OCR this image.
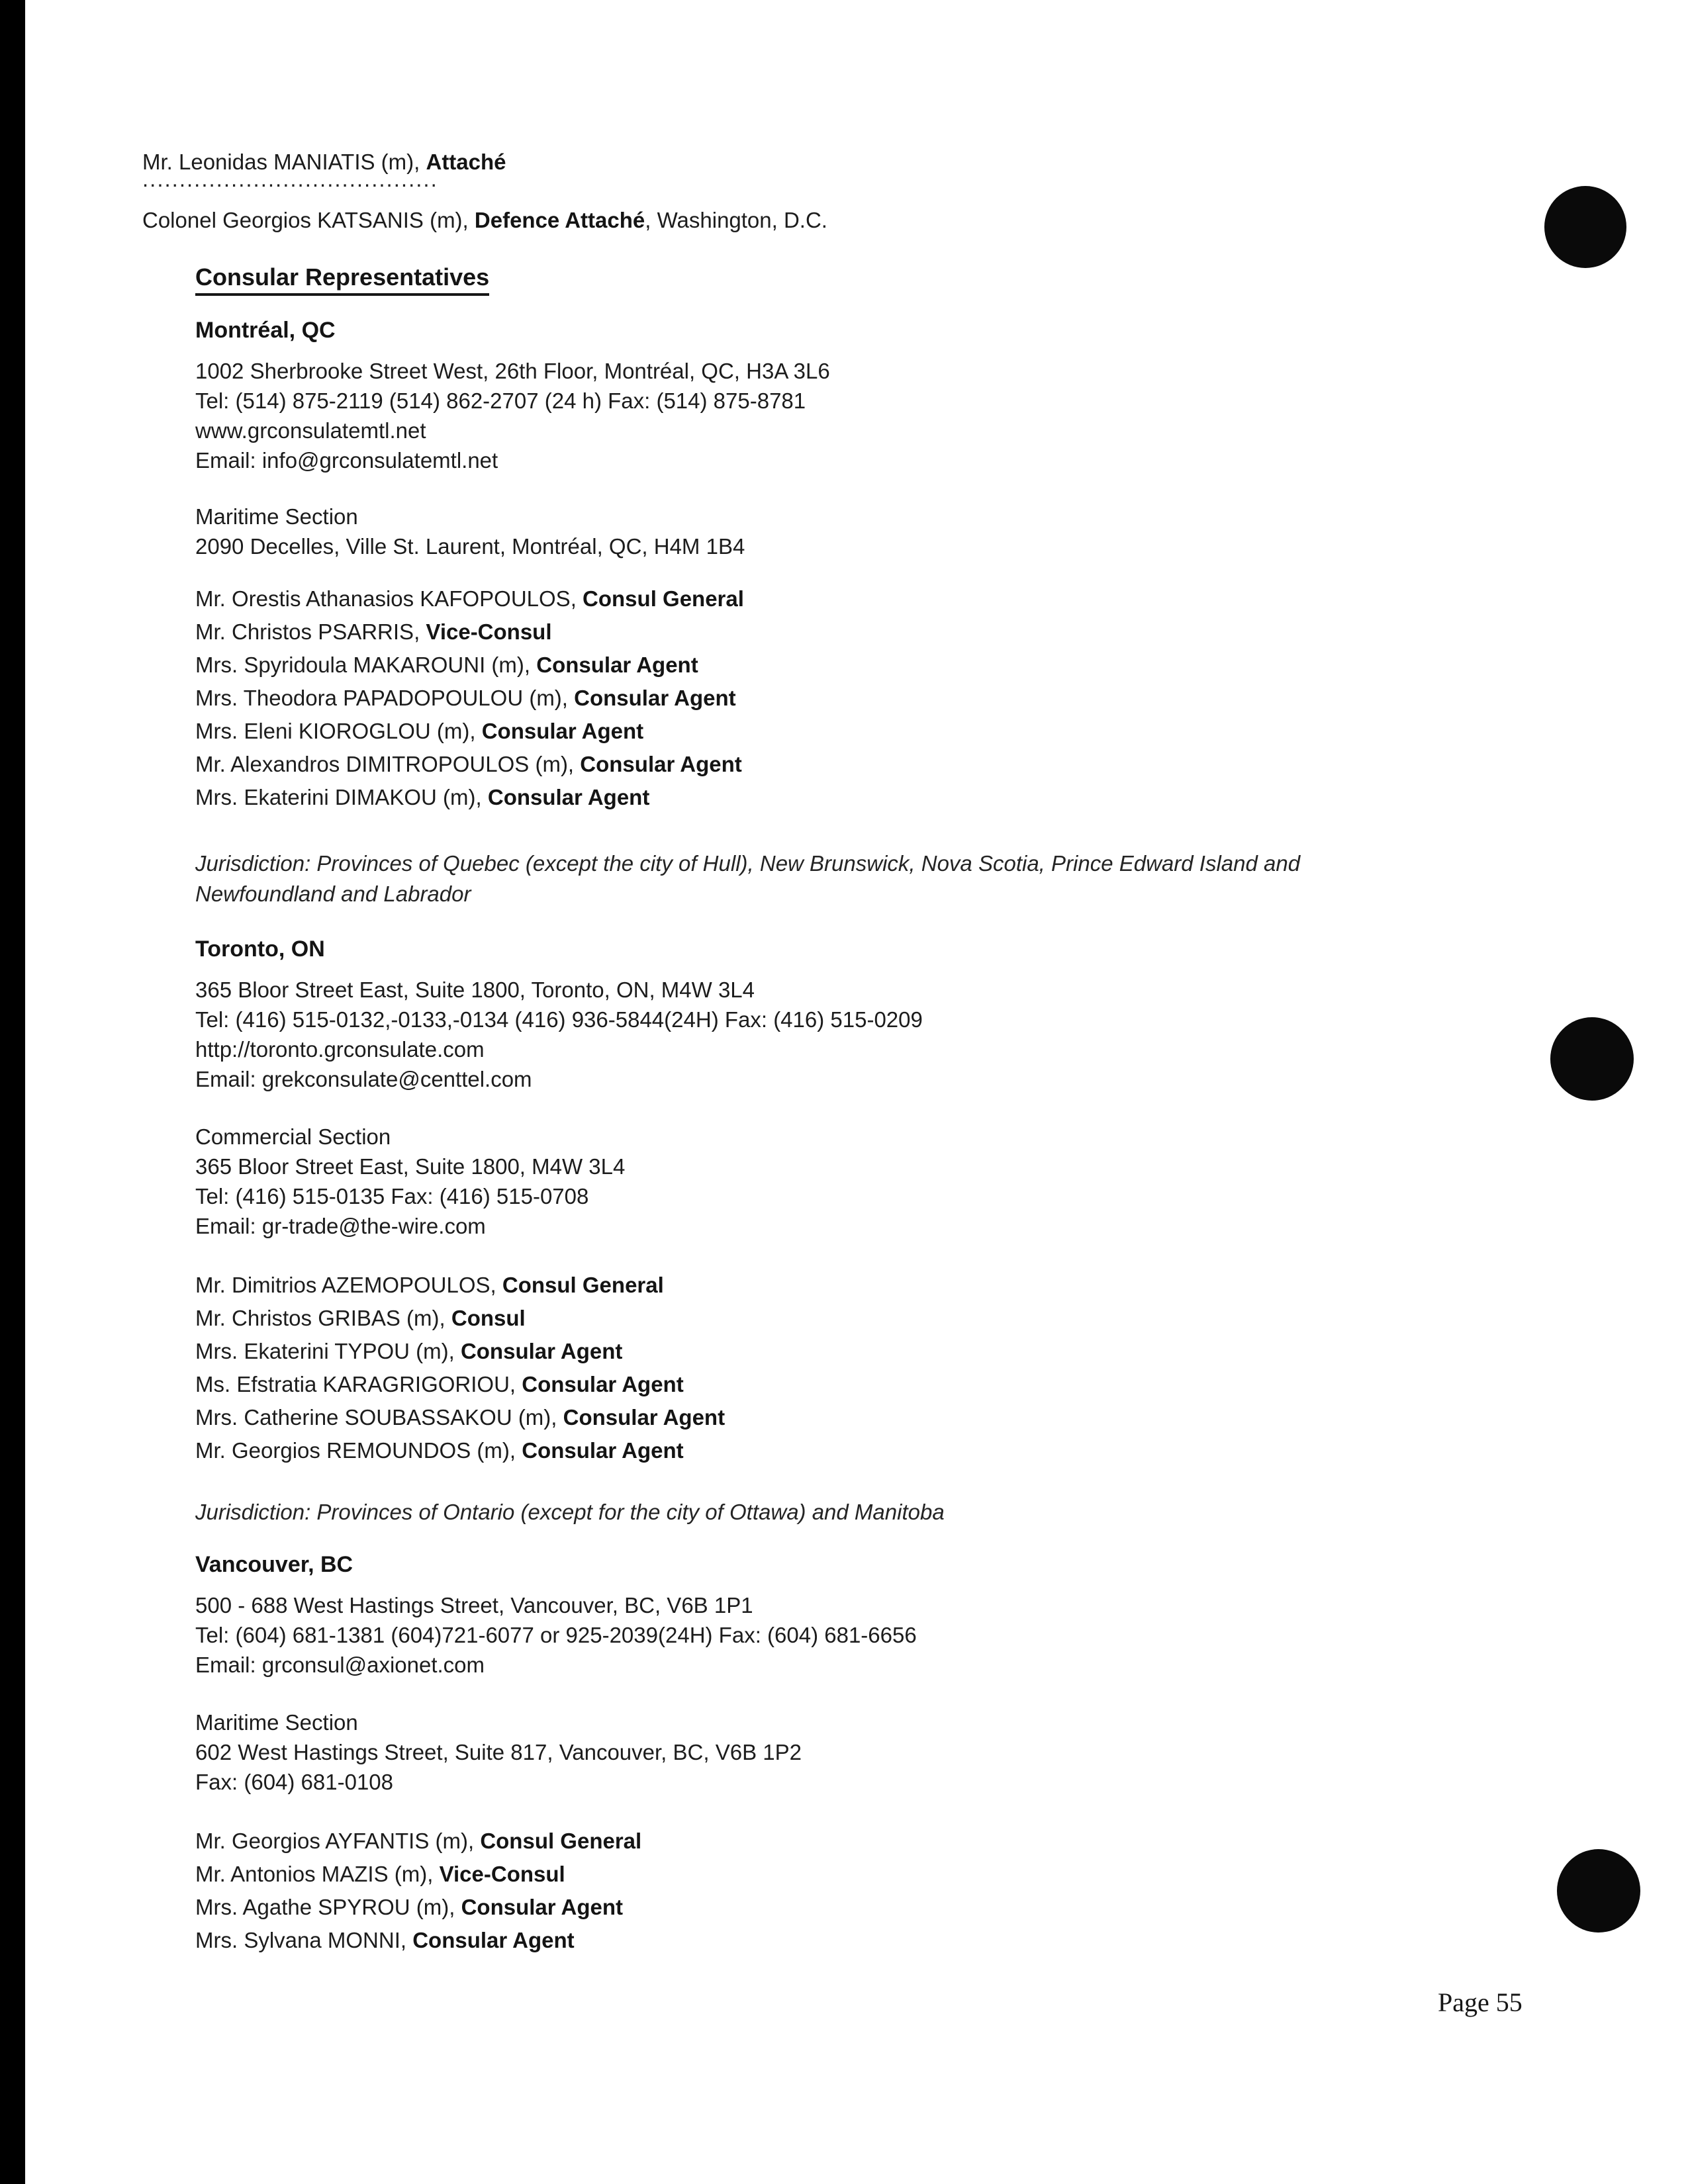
Mr. Leonidas MANIATIS (m), Attaché
........................................
Colonel Georgios KATSANIS (m), Defence Attaché, Washington, D.C.
Consular Representatives
Montréal, QC
1002 Sherbrooke Street West, 26th Floor, Montréal, QC, H3A 3L6
Tel: (514) 875-2119 (514) 862-2707 (24 h) Fax: (514) 875-8781
www.grconsulatemtl.net
Email: info@grconsulatemtl.net
Maritime Section
2090 Decelles, Ville St. Laurent, Montréal, QC, H4M 1B4
Mr. Orestis Athanasios KAFOPOULOS, Consul General
Mr. Christos PSARRIS, Vice-Consul
Mrs. Spyridoula MAKAROUNI (m), Consular Agent
Mrs. Theodora PAPADOPOULOU (m), Consular Agent
Mrs. Eleni KIOROGLOU (m), Consular Agent
Mr. Alexandros DIMITROPOULOS (m), Consular Agent
Mrs. Ekaterini DIMAKOU (m), Consular Agent
Jurisdiction: Provinces of Quebec (except the city of Hull), New Brunswick, Nova Scotia, Prince Edward Island and
Newfoundland and Labrador
Toronto, ON
365 Bloor Street East, Suite 1800, Toronto, ON, M4W 3L4
Tel: (416) 515-0132,-0133,-0134 (416) 936-5844(24H) Fax: (416) 515-0209
http://toronto.grconsulate.com
Email: grekconsulate@centtel.com
Commercial Section
365 Bloor Street East, Suite 1800, M4W 3L4
Tel: (416) 515-0135 Fax: (416) 515-0708
Email: gr-trade@the-wire.com
Mr. Dimitrios AZEMOPOULOS, Consul General
Mr. Christos GRIBAS (m), Consul
Mrs. Ekaterini TYPOU (m), Consular Agent
Ms. Efstratia KARAGRIGORIOU, Consular Agent
Mrs. Catherine SOUBASSAKOU (m), Consular Agent
Mr. Georgios REMOUNDOS (m), Consular Agent
Jurisdiction: Provinces of Ontario (except for the city of Ottawa) and Manitoba
Vancouver, BC
500 - 688 West Hastings Street, Vancouver, BC, V6B 1P1
Tel: (604) 681-1381 (604)721-6077 or 925-2039(24H) Fax: (604) 681-6656
Email: grconsul@axionet.com
Maritime Section
602 West Hastings Street, Suite 817, Vancouver, BC, V6B 1P2
Fax: (604) 681-0108
Mr. Georgios AYFANTIS (m), Consul General
Mr. Antonios MAZIS (m), Vice-Consul
Mrs. Agathe SPYROU (m), Consular Agent
Mrs. Sylvana MONNI, Consular Agent
Page 55
